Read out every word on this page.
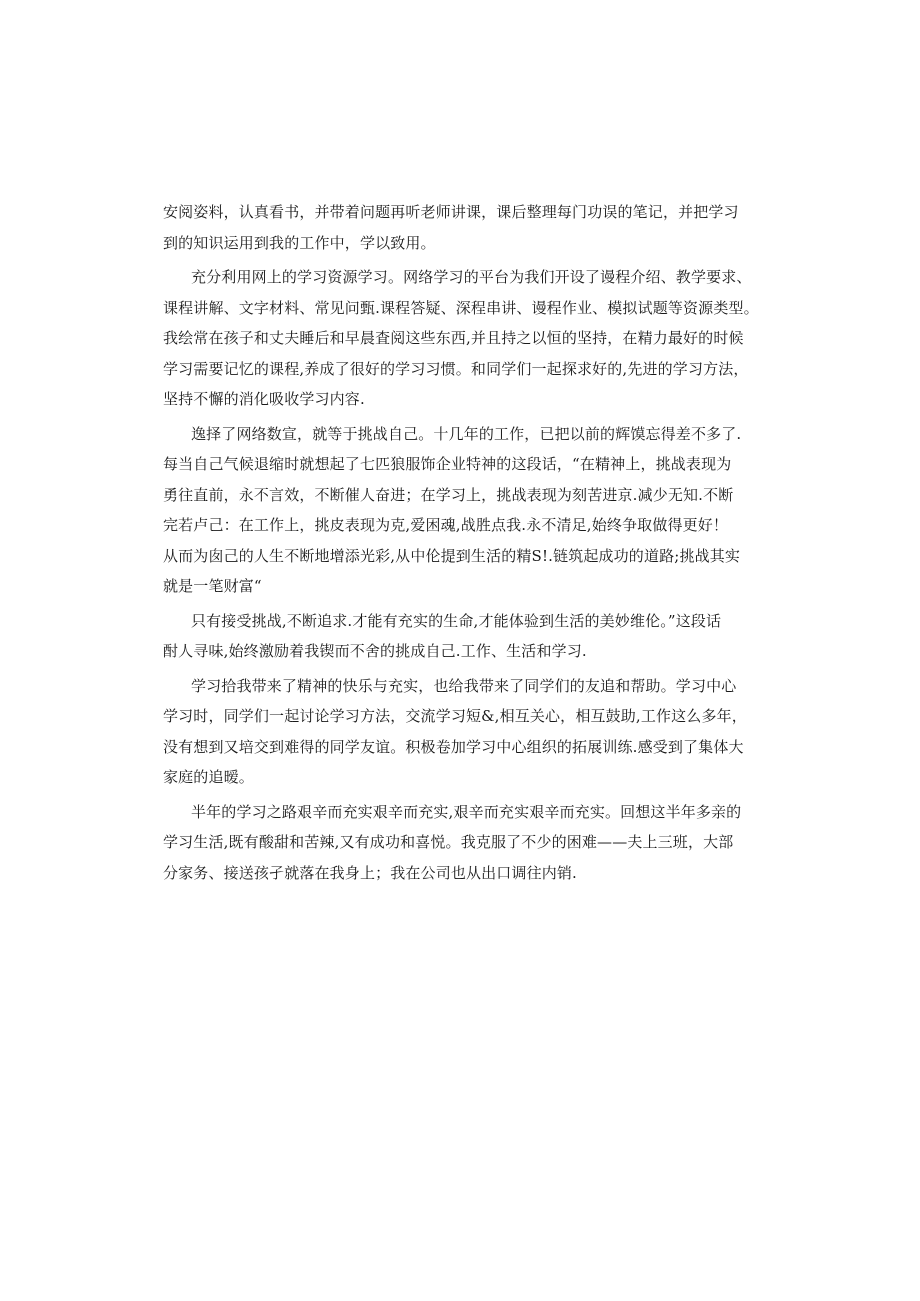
安阅姿料，认真看书，并带着问题再听老师讲课，课后整理每门功误的笔记，并把学习
到的知识运用到我的工作中，学以致用。
充分利用网上的学习资源学习。网络学习的平台为我们开设了谩程介绍、教学要求、
课程讲解、文字材料、常见问甄.课程答疑、深程串讲、谩程作业、模拟试题等资源类型。
我绘常在孩子和丈夫睡后和早晨査阅这些东西,并且持之以恒的坚持，在精力最好的时候
学习需要记忆的课程,养成了很好的学习习惯。和同学们一起探求好的,先进的学习方法，
坚持不懈的消化吸收学习内容.
逸择了网络数宣，就等于挑战自己。十几年的工作，已把以前的辉馍忘得差不多了.
每当自己气候退缩时就想起了七匹狼服饰企业特神的这段话，“在精神上，挑战表现为
勇往直前，永不言效，不断催人奋进；在学习上，挑战表现为刻苦进京.减少无知.不断
完若卢己：在工作上，挑皮表现为克,爱困魂,战胜点我.永不清足,始终争取做得更好！
从而为囱己的人生不断地增添光彩,从中伦提到生活的精S!.链筑起成功的道路;挑战其实
就是一笔财富“
只有接受挑战,不断追求.才能有充实的生命,才能体验到生活的美妙维伦。”这段话
酎人寻味,始终激励着我锲而不舍的挑成自己.工作、生活和学习.
学习拾我带来了精神的快乐与充实，也给我带来了同学们的友追和帮助。学习中心
学习时，同学们一起讨论学习方法，交流学习短&,相互关心，相互鼓助,工作这么多年，
没有想到又培交到难得的同学友谊。积极卷加学习中心组织的拓展训练.感受到了集体大
家庭的追暧。
半年的学习之路艰辛而充实艰辛而充实,艰辛而充实艰辛而充实。回想这半年多亲的
学习生活,既有酸甜和苦辣,又有成功和喜悦。我克服了不少的困难——夫上三班，大部
分家务、接送孩孑就落在我身上；我在公司也从出口调往内销.
